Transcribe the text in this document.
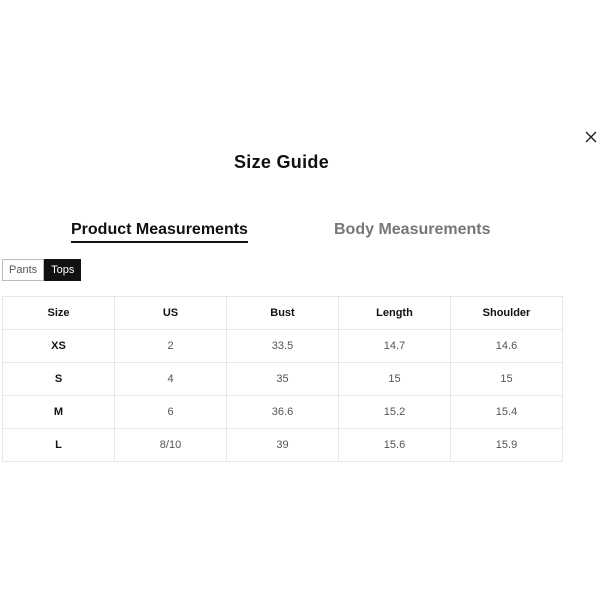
Size Guide
Product Measurements	Body Measurements
Pants	Tops
Size	US	Bust	Length	Shoulder
XS	2	33.5	14.7	14.6
S	4	35	15	15
M	6	36.6	15.2	15.4
L	8/10	39	15.6	15.9
